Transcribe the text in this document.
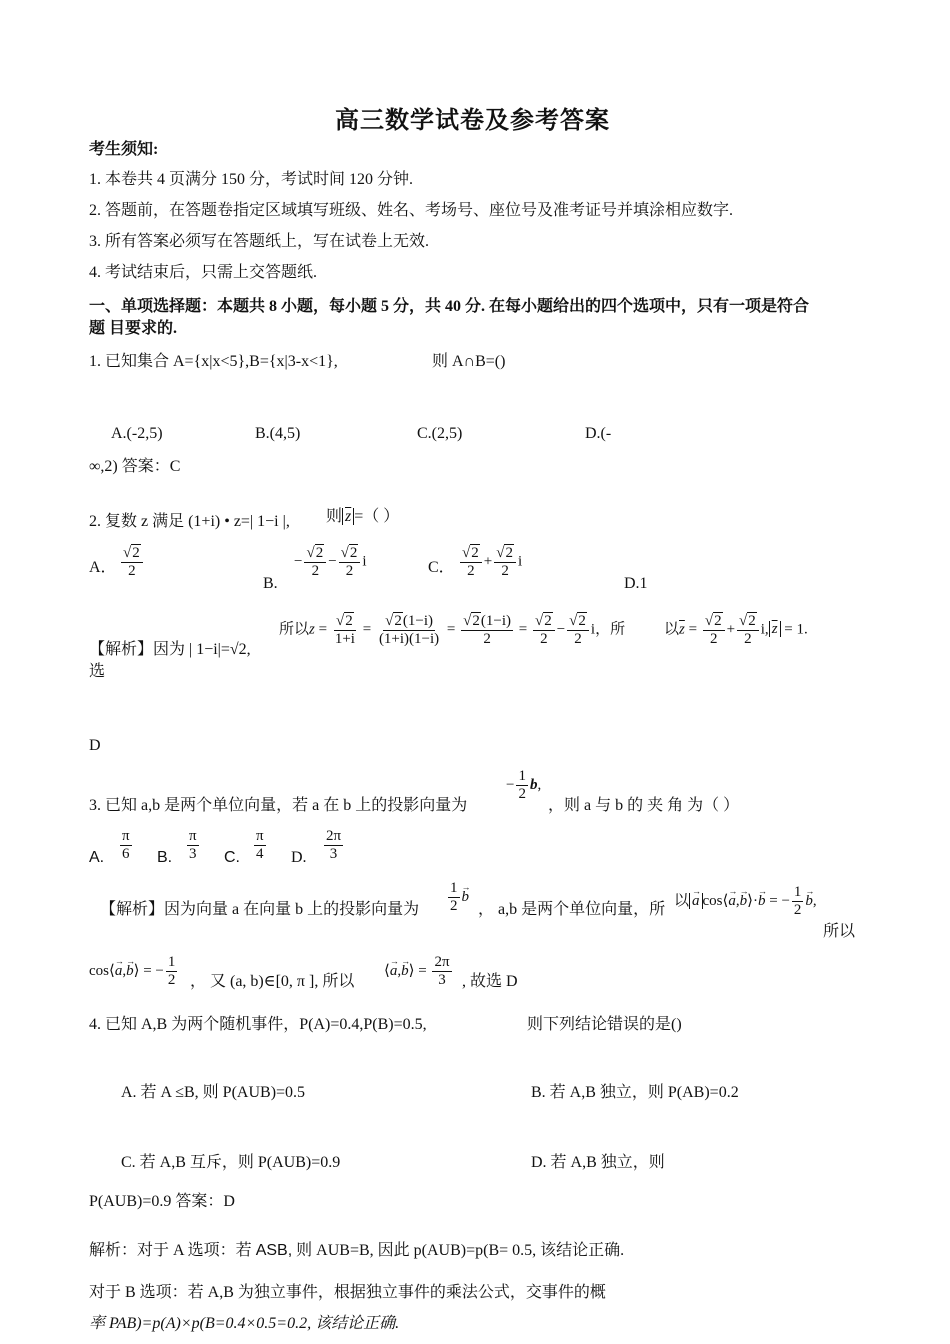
高三数学试卷及参考答案
考生须知:
1. 本卷共 4 页满分 150 分，考试时间 120 分钟.
2. 答题前，在答题卷指定区域填写班级、姓名、考场号、座位号及准考证号并填涂相应数字.
3. 所有答案必须写在答题纸上，写在试卷上无效.
4. 考试结束后，只需上交答题纸.
一、单项选择题：本题共 8 小题，每小题 5 分，共 40 分. 在每小题给出的四个选项中，只有一项是符合
题 目要求的.
1. 已知集合 A={x|x<5},B={x|3-x<1},	则 A∩B=()
A.(-2,5)	B.(4,5)	C.(2,5)	D.(-
∞,2) 答案：C
2. 复数 z 满足 (1+i) • z=| 1−i |, 则 $\overline{z}$ =（ ）
A． $\frac{√2}{2}$
B.
− $\frac{√2}{2} - \frac{√2}{2}$ i	C． $\frac{√2}{2} + \frac{√2}{2}$ i
D.1
【解析】因为 | 1−i|=√2,
选
所以$z = \frac{√2}{1+i} = \frac{√2(1-i)}{(1+i)(1-i)} = \frac{√2(1-i)}{2} = \frac{√2}{2} - \frac{√2}{2}$ i，所	以$\overline{z} = \frac{√2}{2} + \frac{√2}{2} i$, $\overline{z} = 1$.
D
3. 已知 a,b 是两个单位向量，若 a 在 b 上的投影向量为
− $\frac{1}{2} b$,
，则 a 与 b 的 夹 角 为（ ）
A. $\frac{\pi}{6} B$. $\frac{\pi}{3} C$. $\frac{\pi}{4} D$. $\frac{2\pi}{3}$
【解析】因为向量 a 在向量 b 上的投影向量为 $\frac{1}{2} \to b$
， a,b 是两个单位向量，所
以 → a cos ⟨ → a,→ b ⟩ ·→ b = − $\frac{1}{2} \to b$,
所以
cos ⟨ → a,→ b ⟩ = − $\frac{1}{2}$ ， 又 (a, b)∈[0, π ], 所以
⟨ → a,→ b ⟩ = $\frac{2\pi}{3}$ , 故选 D
4. 已知 A,B 为两个随机事件，P(A)=0.4,P(B)=0.5,	则下列结论错误的是()
A. 若 A ≤B, 则 P(AUB)=0.5	B. 若 A,B 独立，则 P(AB)=0.2
C. 若 A,B 互斥，则 P(AUB)=0.9	D. 若 A,B 独立，则
P(AUB)=0.9 答案：D
解析：对于 A 选项：若 ASB, 则 AUB=B, 因此 p(AUB)=p(B= 0.5, 该结论正确.
对于 B 选项：若 A,B 为独立事件，根据独立事件的乘法公式，交事件的概
率 PAB)=p(A)×p(B=0.4×0.5=0.2, 该结论正确.
